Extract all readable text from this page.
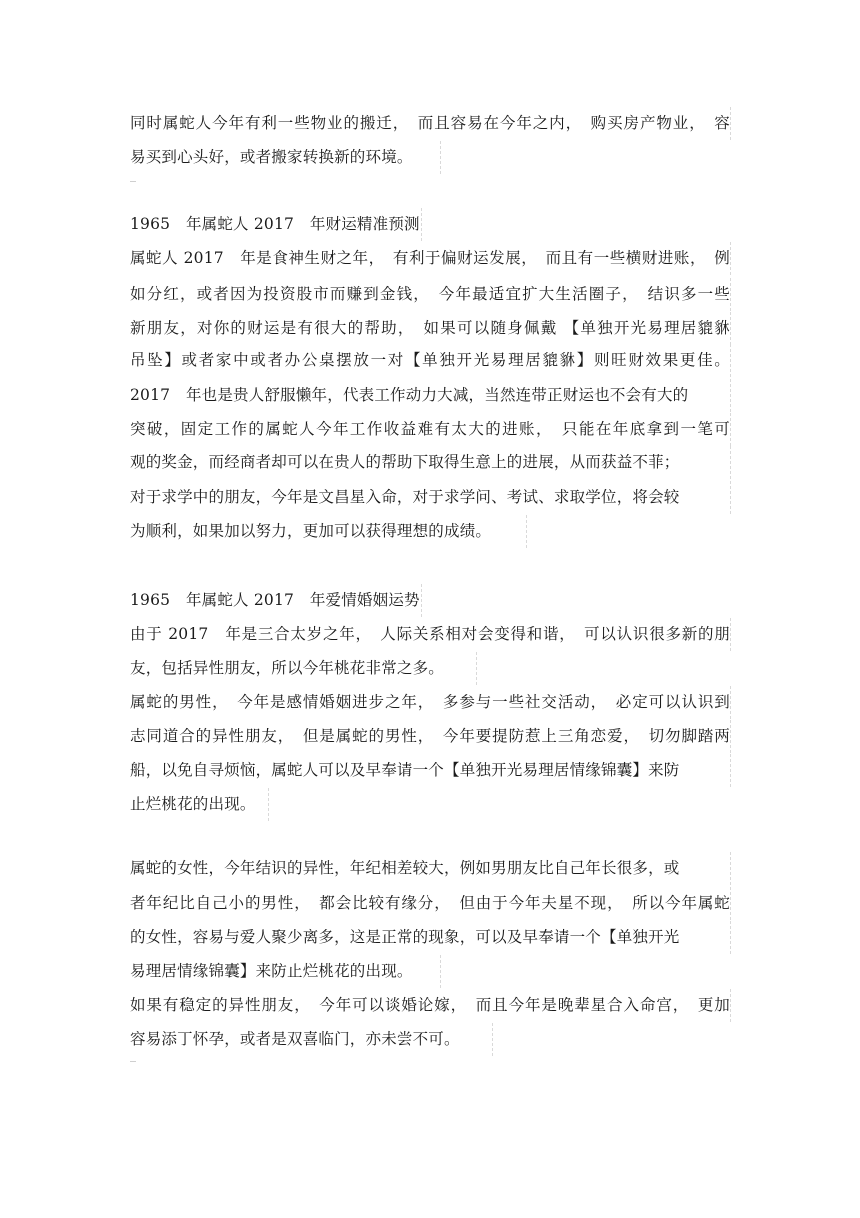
同时属蛇人今年有利一些物业的搬迁，　而且容易在今年之内，　购买房产物业，　容
易买到心头好，或者搬家转换新的环境。
1965　年属蛇人 2017　年财运精准预测
属蛇人 2017　年是食神生财之年，　有利于偏财运发展，　而且有一些横财进账，　例
如分红，或者因为投资股市而赚到金钱，　今年最适宜扩大生活圈子，　结识多一些
新朋友，对你的财运是有很大的帮助，　如果可以随身佩戴 【单独开光易理居貔貅
吊坠】或者家中或者办公桌摆放一对【单独开光易理居貔貅】则旺财效果更佳。
2017　年也是贵人舒服懒年，代表工作动力大减，当然连带正财运也不会有大的
突破，固定工作的属蛇人今年工作收益难有太大的进账，　只能在年底拿到一笔可
观的奖金，而经商者却可以在贵人的帮助下取得生意上的进展，从而获益不菲；
对于求学中的朋友，今年是文昌星入命，对于求学问、考试、求取学位，将会较
为顺利，如果加以努力，更加可以获得理想的成绩。
1965　年属蛇人 2017　年爱情婚姻运势
由于 2017　年是三合太岁之年，　人际关系相对会变得和谐，　可以认识很多新的朋
友，包括异性朋友，所以今年桃花非常之多。
属蛇的男性，　今年是感情婚姻进步之年，　多参与一些社交活动，　必定可以认识到
志同道合的异性朋友，　但是属蛇的男性，　今年要提防惹上三角恋爱，　切勿脚踏两
船，以免自寻烦恼，属蛇人可以及早奉请一个【单独开光易理居情缘锦囊】来防
止烂桃花的出现。
属蛇的女性，今年结识的异性，年纪相差较大，例如男朋友比自己年长很多，或
者年纪比自己小的男性，　都会比较有缘分，　但由于今年夫星不现，　所以今年属蛇
的女性，容易与爱人聚少离多，这是正常的现象，可以及早奉请一个【单独开光
易理居情缘锦囊】来防止烂桃花的出现。
如果有稳定的异性朋友，　今年可以谈婚论嫁，　而且今年是晚辈星合入命宫，　更加
容易添丁怀孕，或者是双喜临门，亦未尝不可。
